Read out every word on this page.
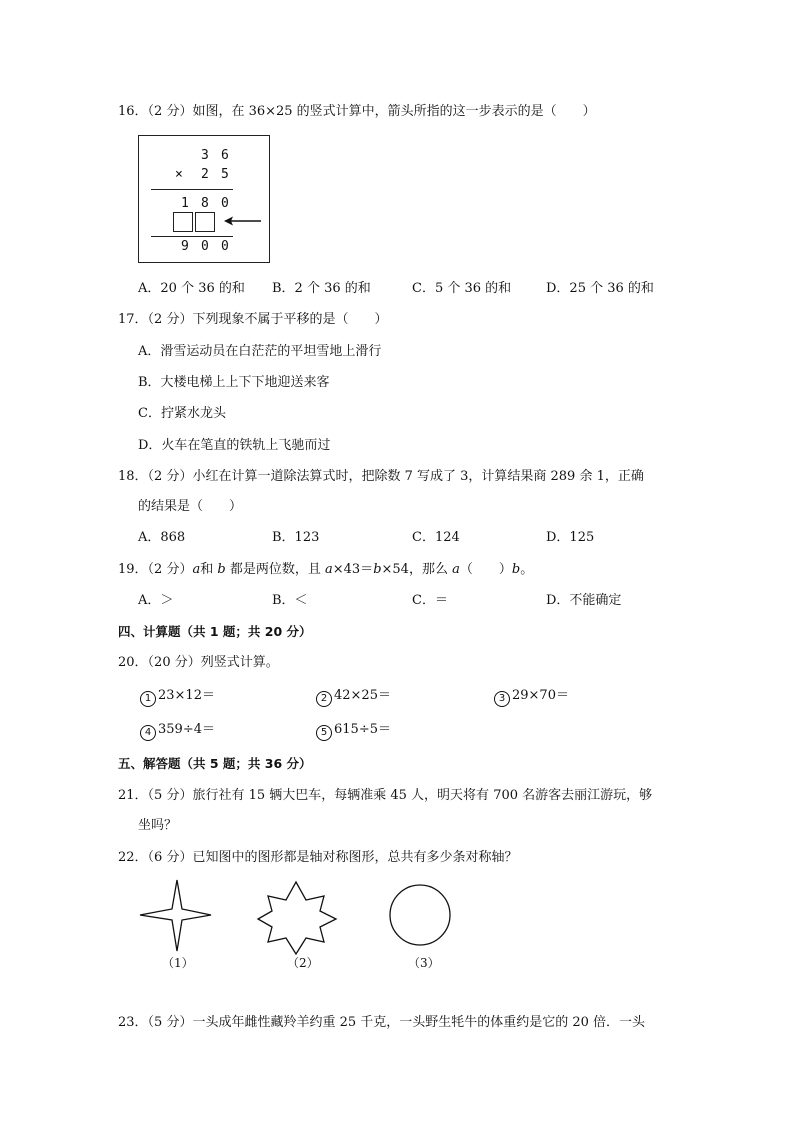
16．（2 分）如图，在 36×25 的竖式计算中，箭头所指的这一步表示的是（　　）
3 6
× 2 5
1 8 0
9 0 0
A．20 个 36 的和 B．2 个 36 的和	C．5 个 36 的和	D．25 个 36 的和
17．（2 分）下列现象不属于平移的是（　　）
A．滑雪运动员在白茫茫的平坦雪地上滑行
B．大楼电梯上上下下地迎送来客
C．拧紧水龙头
D．火车在笔直的铁轨上飞驰而过
18．（2 分）小红在计算一道除法算式时，把除数 7 写成了 3，计算结果商 289 余 1，正确
的结果是（　　）
A．868	B．123	C．124	D．125
19．（2 分）a和 b 都是两位数，且 a×43＝b×54，那么 a（　　）b。
A．＞	B．＜	C．＝	D．不能确定
四、计算题（共 1 题；共 20 分）
20．（20 分）列竖式计算。
1 23×12＝	2 42×25＝	3 29×70＝
4 359÷4＝	5 615÷5＝
五、解答题（共 5 题；共 36 分）
21．（5 分）旅行社有 15 辆大巴车，每辆准乘 45 人，明天将有 700 名游客去丽江游玩，够
坐吗？
22．（6 分）已知图中的图形都是轴对称图形，总共有多少条对称轴？
（1）	（2）	（3）
23．（5 分）一头成年雌性藏羚羊约重 25 千克，一头野生牦牛的体重约是它的 20 倍．一头
